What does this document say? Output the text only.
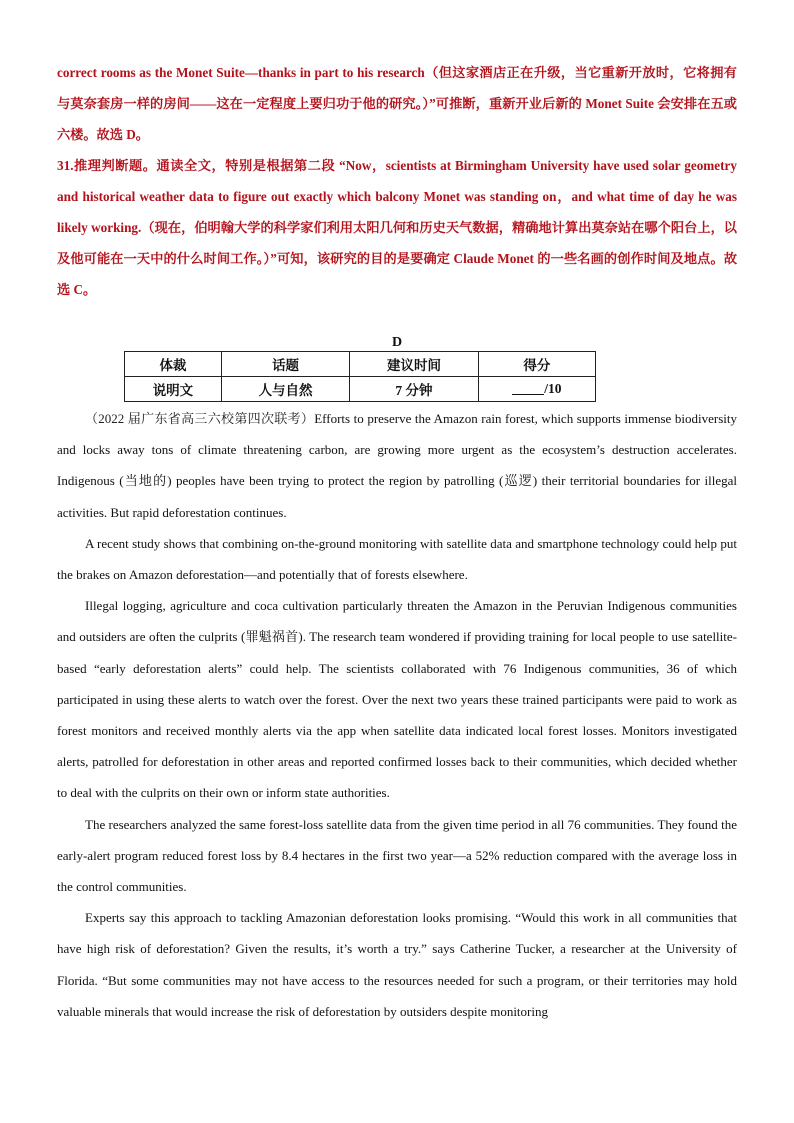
correct rooms as the Monet Suite—thanks in part to his research（但这家酒店正在升级，当它重新开放时，它将拥有与莫奈套房一样的房间——这在一定程度上要归功于他的研究。）”可推断，重新开业后新的 Monet Suite 会安排在五或六楼。故选 D。

31.推理判断题。通读全文，特别是根据第二段 “Now，scientists at Birmingham University have used solar geometry and historical weather data to figure out exactly which balcony Monet was standing on，and what time of day he was likely working.（现在，伯明翰大学的科学家们利用太阳几何和历史天气数据，精确地计算出莫奈站在哪个阳台上，以及他可能在一天中的什么时间工作。）”可知，该研究的目的是要确定 Claude Monet 的一些名画的创作时间及地点。故选 C。

D
体裁	话题	建议时间	得分
说明文	人与自然	7 分钟	/10

（2022 届广东省高三六校第四次联考）Efforts to preserve the Amazon rain forest, which supports immense biodiversity and locks away tons of climate threatening carbon, are growing more urgent as the ecosystem’s destruction accelerates. Indigenous (当地的) peoples have been trying to protect the region by patrolling (巡逻) their territorial boundaries for illegal activities. But rapid deforestation continues.

A recent study shows that combining on-the-ground monitoring with satellite data and smartphone technology could help put the brakes on Amazon deforestation—and potentially that of forests elsewhere.

Illegal logging, agriculture and coca cultivation particularly threaten the Amazon in the Peruvian Indigenous communities and outsiders are often the culprits (罪魁祸首). The research team wondered if providing training for local people to use satellite-based “early deforestation alerts” could help. The scientists collaborated with 76 Indigenous communities, 36 of which participated in using these alerts to watch over the forest. Over the next two years these trained participants were paid to work as forest monitors and received monthly alerts via the app when satellite data indicated local forest losses. Monitors investigated alerts, patrolled for deforestation in other areas and reported confirmed losses back to their communities, which decided whether to deal with the culprits on their own or inform state authorities.

The researchers analyzed the same forest-loss satellite data from the given time period in all 76 communities. They found the early-alert program reduced forest loss by 8.4 hectares in the first two year—a 52% reduction compared with the average loss in the control communities.

Experts say this approach to tackling Amazonian deforestation looks promising. “Would this work in all communities that have high risk of deforestation? Given the results, it’s worth a try.” says Catherine Tucker, a researcher at the University of Florida. “But some communities may not have access to the resources needed for such a program, or their territories may hold valuable minerals that would increase the risk of deforestation by outsiders despite monitoring
